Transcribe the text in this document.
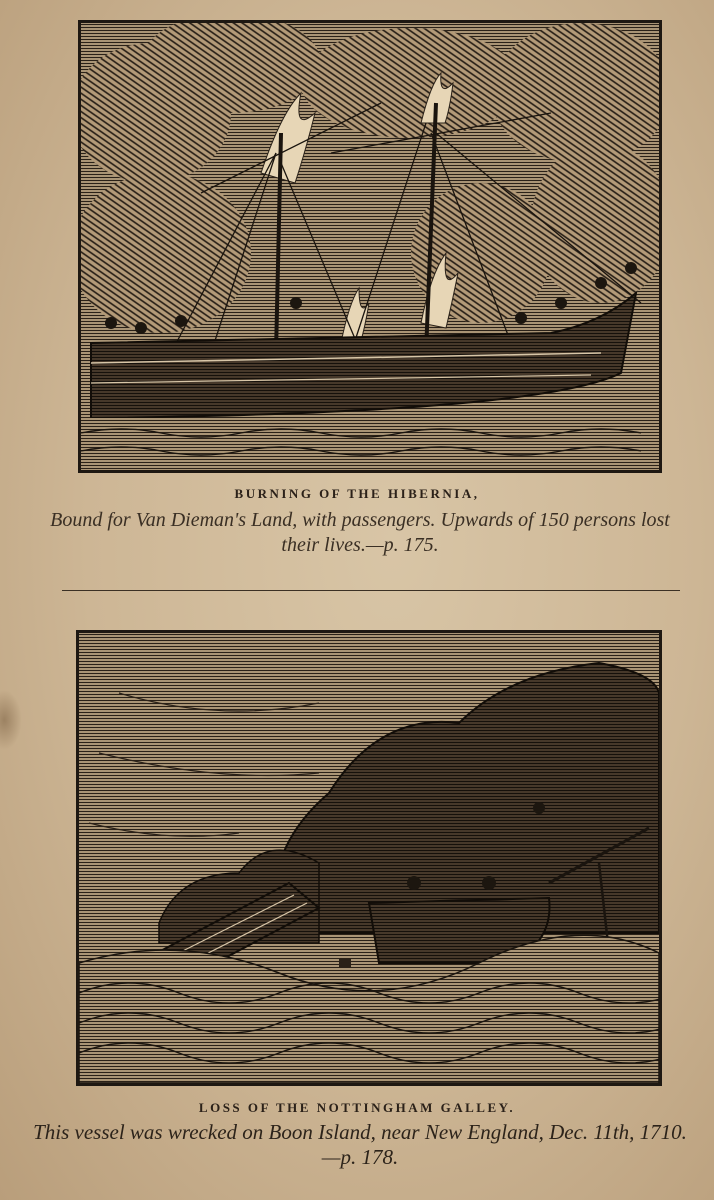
BURNING OF THE HIBERNIA,
Bound for Van Dieman's Land, with passengers. Upwards of 150 persons lost their lives.—p. 175.
LOSS OF THE NOTTINGHAM GALLEY.
This vessel was wrecked on Boon Island, near New England, Dec. 11th, 1710.—p. 178.
